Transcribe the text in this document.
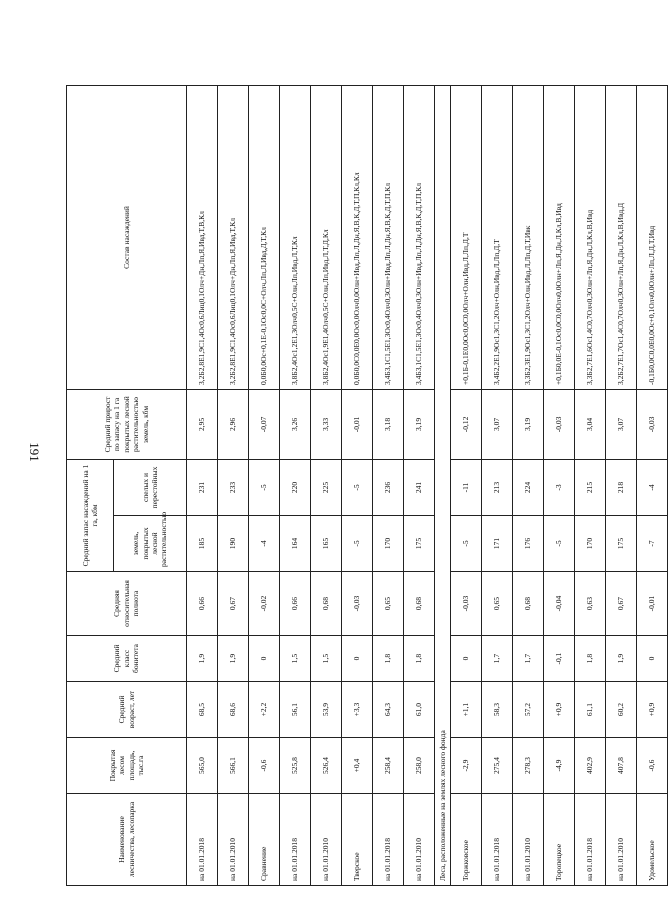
191
Наименование лесничества, лесопарка	Покрытая лесом площадь, тыс.га	Средний возраст, лет	Средний класс бонитета	Средняя относительная полнота	Средний запас насаждений на 1 га, кбм		Средний прирост по запасу на 1 га покрытых лесной растительностью земель, кбм	Состав насаждений
					земель, покрытых лесной растительностью	спелых и перестойных		
на 01.01.2018	565,0	68,5	1,9	0,66	185	231	2,95	3,2Б2,8Е1,9С1,4Ос0,6Лиц0,1Олч+Дн,Лп,Я,Ивд,Т,В,Кл
на 01.01.2010	566,1	68,6	1,9	0,67	190	233	2,96	3,2Б2,8Е1,9С1,4Ос0,6Лиц0,1Олч+Дн,Лп,Я,Ивд,Т,Кл
Сравнение	-0,6	+2,2	0	-0,02	-4	-5	-0,07	0,0Б0,0Ос+0,1Е-0,1Ос0,0С+Олч,Лп,Л,Ивд,Д,Т,Кл
на 01.01.2018	525,8	56,1	1,5	0,66	164	220	3,26	3,8Б2,4Ос1,2Е1,3Олч0,5С+Олн,Лп,Ивд,Л,Т,Кл
на 01.01.2010	526,4	53,9	1,5	0,68	165	225	3,33	3,8Б2,4Ос1,9Е1,4Олч0,5С+Олн,Лп,Ивд,Л,Т,Д,Кл
Тверское	+0,4	+3,3	0	-0,03	-5	-5	-0,01	0,0Б0,0С0,0Е0,0Ос0,0Олч0,0Олн+Ивд,Лп,Л,Дн,Я,В,К,Д,Т,П,Кл,Кл
на 01.01.2018	258,4	64,3	1,8	0,65	170	236	3,18	3,4Б3,1С1,5Е1,3Ос0,4Олч0,3Олн+Ивд,Лп,Л,Дн,Я,В,К,Д,Т,П,Кл
на 01.01.2010	258,0	61,0	1,8	0,68	175	241	3,19	3,4Б3,1С1,5Е1,3Ос0,4Олч0,3Олн+Ивд,Лп,Л,Дн,Я,В,К,Д,Т,П,Кл
Леса, расположенные на землях лесного фонда								
Торжковское	-2,9	+1,1	0	-0,03	-5	-11	-0,12	+0,1Б-0,1Е0,0Ос0,0С0,0Олч+Олн,Ивд,Л,Лп,Д,Т
на 01.01.2018	275,4	58,3	1,7	0,65	171	213	3,07	3,4Б2,2Е1,9Ос1,3С1,2Олч+Олн,Ивд,Л,Лп,Д,Т
на 01.01.2010	278,3	57,2	1,7	0,68	176	224	3,19	3,3Б2,3Е1,9Ос1,3С1,2Олч+Олн,Ивд,Л,Лп,Д,Т,Ивк
Торопецкое	-4,9	+0,9	-0,1	-0,04	-5	-3	-0,03	+0,1Б0,0Е-0,1Ос0,0С0,0Олч0,0Олн+Лп,Я,Дн,Л,Кл,В,Ивд
на 01.01.2018	402,9	61,1	1,8	0,63	170	215	3,04	3,3Б2,7Е1,6Ос1,4С0,7Олч0,3Олн+Лп,Я,Дн,Л,Кл,В,Ивд
на 01.01.2010	407,8	60,2	1,9	0,67	175	218	3,07	3,2Б2,7Е1,7Ос1,4С0,7Олч0,3Олн+Лп,Я,Дн,Л,Кл,В,Ивд,Д
Удомельское	-0,6	+0,9	0	-0,01	-7	-4	-0,03	-0,1Б0,0С0,0Е0,0Ос+0,1Олч0,0Олн+Лп,Л,Д,Т,Ивд
